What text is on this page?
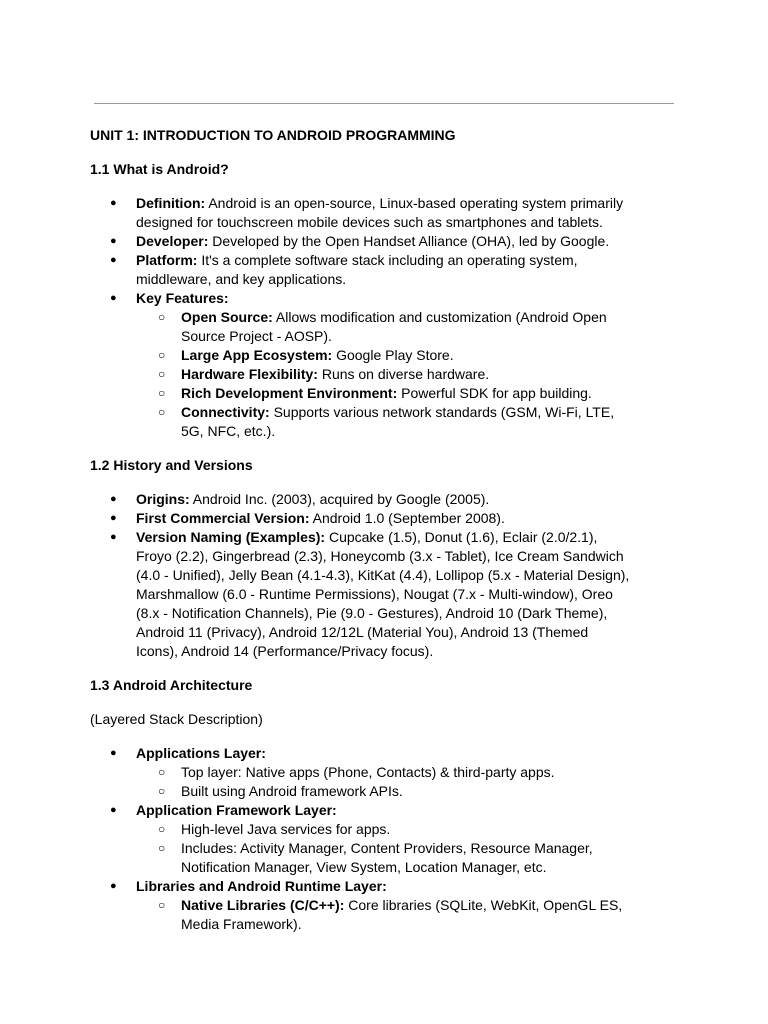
UNIT 1: INTRODUCTION TO ANDROID PROGRAMMING

1.1 What is Android?

● Definition: Android is an open-source, Linux-based operating system primarily designed for touchscreen mobile devices such as smartphones and tablets.
● Developer: Developed by the Open Handset Alliance (OHA), led by Google.
● Platform: It's a complete software stack including an operating system, middleware, and key applications.
● Key Features:
○ Open Source: Allows modification and customization (Android Open Source Project - AOSP).
○ Large App Ecosystem: Google Play Store.
○ Hardware Flexibility: Runs on diverse hardware.
○ Rich Development Environment: Powerful SDK for app building.
○ Connectivity: Supports various network standards (GSM, Wi-Fi, LTE, 5G, NFC, etc.).

1.2 History and Versions

● Origins: Android Inc. (2003), acquired by Google (2005).
● First Commercial Version: Android 1.0 (September 2008).
● Version Naming (Examples): Cupcake (1.5), Donut (1.6), Eclair (2.0/2.1), Froyo (2.2), Gingerbread (2.3), Honeycomb (3.x - Tablet), Ice Cream Sandwich (4.0 - Unified), Jelly Bean (4.1-4.3), KitKat (4.4), Lollipop (5.x - Material Design), Marshmallow (6.0 - Runtime Permissions), Nougat (7.x - Multi-window), Oreo (8.x - Notification Channels), Pie (9.0 - Gestures), Android 10 (Dark Theme), Android 11 (Privacy), Android 12/12L (Material You), Android 13 (Themed Icons), Android 14 (Performance/Privacy focus).

1.3 Android Architecture

(Layered Stack Description)

● Applications Layer:
○ Top layer: Native apps (Phone, Contacts) & third-party apps.
○ Built using Android framework APIs.
● Application Framework Layer:
○ High-level Java services for apps.
○ Includes: Activity Manager, Content Providers, Resource Manager, Notification Manager, View System, Location Manager, etc.
● Libraries and Android Runtime Layer:
○ Native Libraries (C/C++): Core libraries (SQLite, WebKit, OpenGL ES, Media Framework).
